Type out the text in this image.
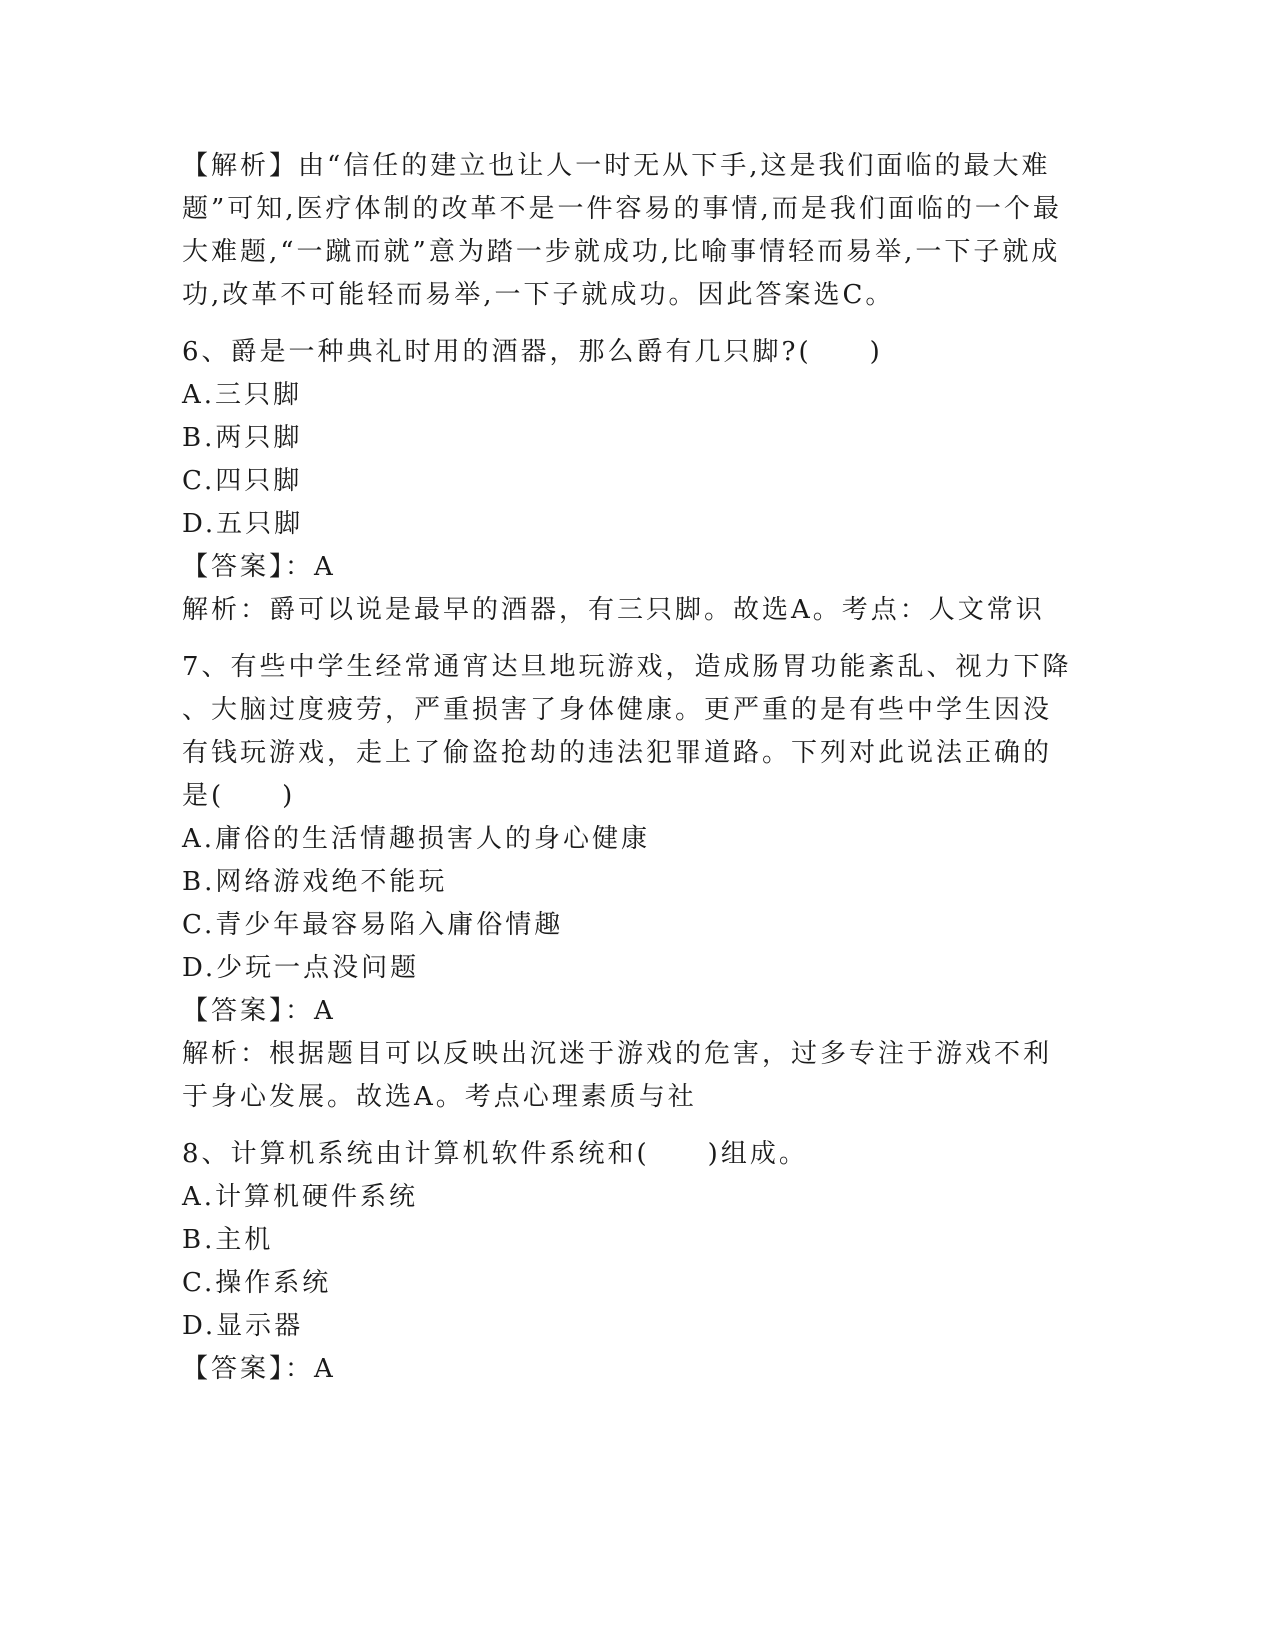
【解析】由“信任的建立也让人一时无从下手,这是我们面临的最大难题”可知,医疗体制的改革不是一件容易的事情,而是我们面临的一个最大难题,“一蹴而就”意为踏一步就成功,比喻事情轻而易举,一下子就成功,改革不可能轻而易举,一下子就成功。因此答案选C。

6、爵是一种典礼时用的酒器，那么爵有几只脚?(　　)
A.三只脚
B.两只脚
C.四只脚
D.五只脚
【答案】：A
解析：爵可以说是最早的酒器，有三只脚。故选A。考点：人文常识
7、有些中学生经常通宵达旦地玩游戏，造成肠胃功能紊乱、视力下降
、大脑过度疲劳，严重损害了身体健康。更严重的是有些中学生因没
有钱玩游戏，走上了偷盗抢劫的违法犯罪道路。下列对此说法正确的
是(　　)
A.庸俗的生活情趣损害人的身心健康
B.网络游戏绝不能玩
C.青少年最容易陷入庸俗情趣
D.少玩一点没问题
【答案】：A
解析：根据题目可以反映出沉迷于游戏的危害，过多专注于游戏不利
于身心发展。故选A。考点心理素质与社
8、计算机系统由计算机软件系统和(　　)组成。
A.计算机硬件系统
B.主机
C.操作系统
D.显示器
【答案】：A
